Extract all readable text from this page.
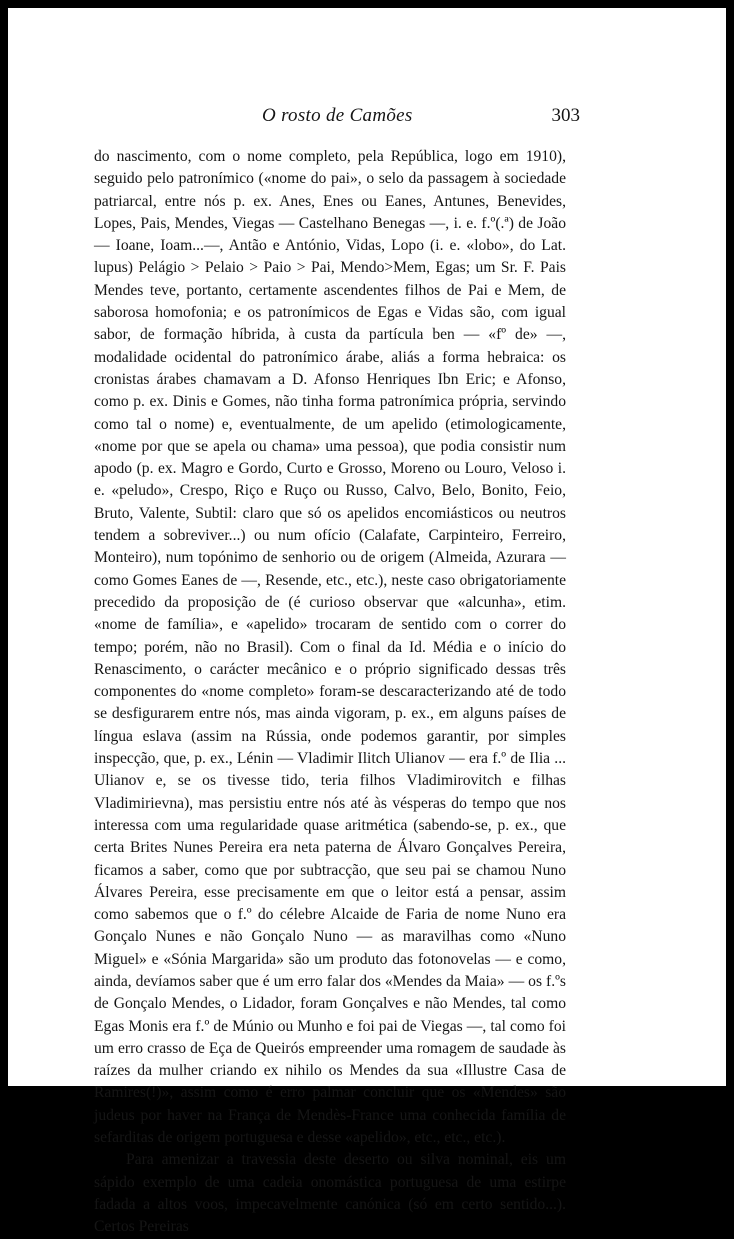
O rosto de Camões	303

do nascimento, com o nome completo, pela República, logo em 1910), seguido pelo patronímico («nome do pai», o selo da passagem à sociedade patriarcal, entre nós p. ex. Anes, Enes ou Eanes, Antunes, Benevides, Lopes, Pais, Mendes, Viegas — Castelhano Benegas —, i. e. f.º(.ª) de João — Ioane, Ioam...—, Antão e António, Vidas, Lopo (i. e. «lobo», do Lat. lupus) Pelágio > Pelaio > Paio > Pai, Mendo>Mem, Egas; um Sr. F. Pais Mendes teve, portanto, certamente ascendentes filhos de Pai e Mem, de saborosa homofonia; e os patronímicos de Egas e Vidas são, com igual sabor, de formação híbrida, à custa da partícula ben — «fº de» —, modalidade ocidental do patronímico árabe, aliás a forma hebraica: os cronistas árabes chamavam a D. Afonso Henriques Ibn Eric; e Afonso, como p. ex. Dinis e Gomes, não tinha forma patronímica própria, servindo como tal o nome) e, eventualmente, de um apelido (etimologicamente, «nome por que se apela ou chama» uma pessoa), que podia consistir num apodo (p. ex. Magro e Gordo, Curto e Grosso, Moreno ou Louro, Veloso i. e. «peludo», Crespo, Riço e Ruço ou Russo, Calvo, Belo, Bonito, Feio, Bruto, Valente, Subtil: claro que só os apelidos encomiásticos ou neutros tendem a sobreviver...) ou num ofício (Calafate, Carpinteiro, Ferreiro, Monteiro), num topónimo de senhorio ou de origem (Almeida, Azurara — como Gomes Eanes de —, Resende, etc., etc.), neste caso obrigatoriamente precedido da proposição de (é curioso observar que «alcunha», etim. «nome de família», e «apelido» trocaram de sentido com o correr do tempo; porém, não no Brasil). Com o final da Id. Média e o início do Renascimento, o carácter mecânico e o próprio significado dessas três componentes do «nome completo» foram-se descaracterizando até de todo se desfigurarem entre nós, mas ainda vigoram, p. ex., em alguns países de língua eslava (assim na Rússia, onde podemos garantir, por simples inspecção, que, p. ex., Lénin — Vladimir Ilitch Ulianov — era f.º de Ilia ... Ulianov e, se os tivesse tido, teria filhos Vladimirovitch e filhas Vladimirievna), mas persistiu entre nós até às vésperas do tempo que nos interessa com uma regularidade quase aritmética (sabendo-se, p. ex., que certa Brites Nunes Pereira era neta paterna de Álvaro Gonçalves Pereira, ficamos a saber, como que por subtracção, que seu pai se chamou Nuno Álvares Pereira, esse precisamente em que o leitor está a pensar, assim como sabemos que o f.º do célebre Alcaide de Faria de nome Nuno era Gonçalo Nunes e não Gonçalo Nuno — as maravilhas como «Nuno Miguel» e «Sónia Margarida» são um produto das fotonovelas — e como, ainda, devíamos saber que é um erro falar dos «Mendes da Maia» — os f.ºs de Gonçalo Mendes, o Lidador, foram Gonçalves e não Mendes, tal como Egas Monis era f.º de Múnio ou Munho e foi pai de Viegas —, tal como foi um erro crasso de Eça de Queirós empreender uma romagem de saudade às raízes da mulher criando ex nihilo os Mendes da sua «Illustre Casa de Ramires(!)», assim como é erro palmar concluir que os «Mendes» são judeus por haver na França de Mendès-France uma conhecida família de sefarditas de origem portuguesa e desse «apelido», etc., etc., etc.).

Para amenizar a travessia deste deserto ou silva nominal, eis um sápido exemplo de uma cadeia onomástica portuguesa de uma estirpe fadada a altos voos, impecavelmente canónica (só em certo sentido...). Certos Pereiras
